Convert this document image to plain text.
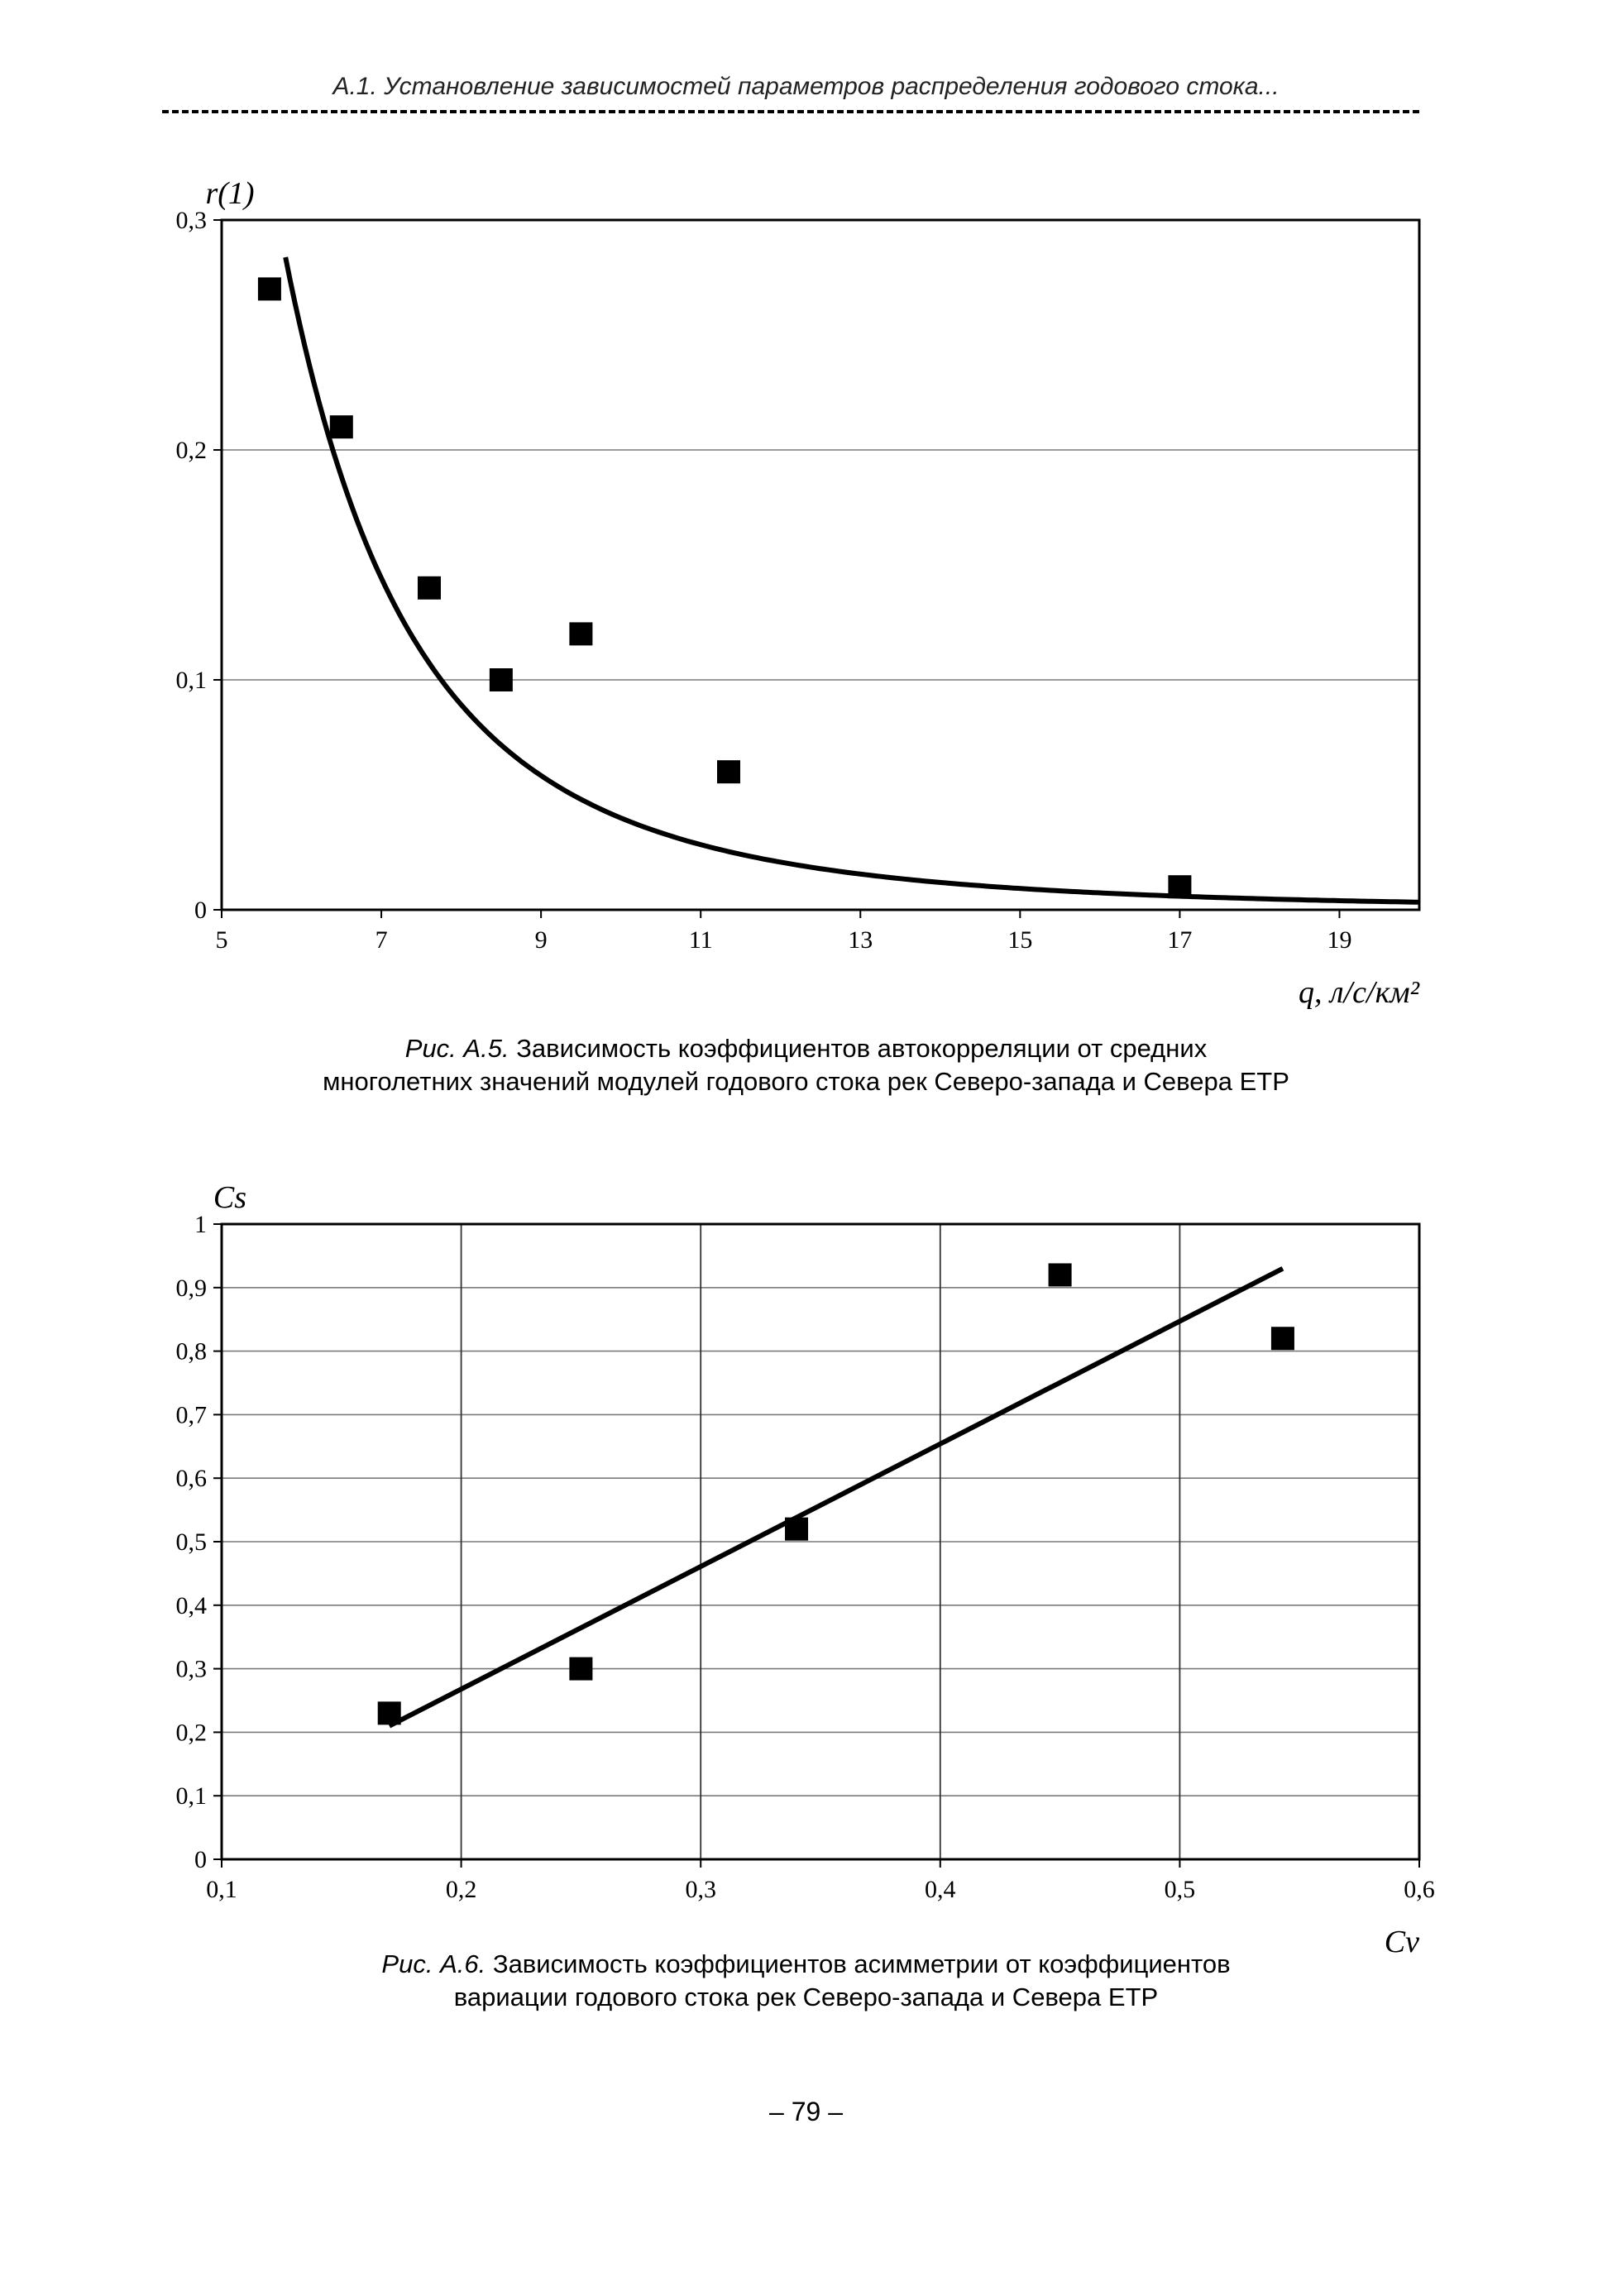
А.1. Установление зависимостей параметров распределения годового стока...
0
0,1
0,2
0,3
5	7	9	11	13	15	17	19
r(1)
q, л/с/км²
Рис. А.5. Зависимость коэффициентов автокорреляции от средних
многолетних значений модулей годового стока рек Северо-запада и Севера ЕТР
0
0,1
0,2
0,3
0,4
0,5
0,6
0,7
0,8
0,9
1
0,1	0,2	0,3	0,4	0,5	0,6
Cs
Cv
Рис. А.6. Зависимость коэффициентов асимметрии от коэффициентов
вариации годового стока рек Северо-запада и Севера ЕТР
– 79 –
